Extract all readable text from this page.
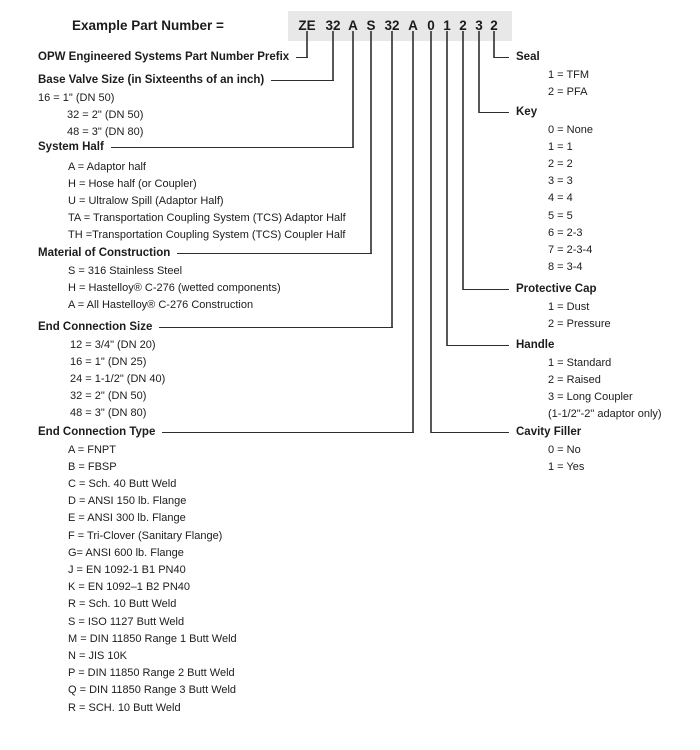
Example Part Number =	ZE 32 A S 32 A 0 1 2 3 2
OPW Engineered Systems Part Number Prefix
Base Valve Size (in Sixteenths of an inch)
16 = 1" (DN 50)
32 = 2" (DN 50)
48 = 3" (DN 80)
System Half
A = Adaptor half
H = Hose half (or Coupler)
U = Ultralow Spill (Adaptor Half)
TA = Transportation Coupling System (TCS) Adaptor Half
TH =Transportation Coupling System (TCS) Coupler Half
Material of Construction
S = 316 Stainless Steel
H = Hastelloy® C-276 (wetted components)
A = All Hastelloy® C-276 Construction
End Connection Size
12 = 3/4" (DN 20)
16 = 1" (DN 25)
24 = 1-1/2" (DN 40)
32 = 2" (DN 50)
48 = 3" (DN 80)
End Connection Type
A = FNPT
B = FBSP
C = Sch. 40 Butt Weld
D = ANSI 150 lb. Flange
E = ANSI 300 lb. Flange
F = Tri-Clover (Sanitary Flange)
G= ANSI 600 lb. Flange
J = EN 1092-1 B1 PN40
K = EN 1092–1 B2 PN40
R = Sch. 10 Butt Weld
S = ISO 1127 Butt Weld
M = DIN 11850 Range 1 Butt Weld
N = JIS 10K
P = DIN 11850 Range 2 Butt Weld
Q = DIN 11850 Range 3 Butt Weld
R = SCH. 10 Butt Weld
Seal
1 = TFM
2 = PFA
Key
0 = None
1 = 1
2 = 2
3 = 3
4 = 4
5 = 5
6 = 2-3
7 = 2-3-4
8 = 3-4
Protective Cap
1 = Dust
2 = Pressure
Handle
1 = Standard
2 = Raised
3 = Long Coupler
(1-1/2"-2" adaptor only)
Cavity Filler
0 = No
1 = Yes
